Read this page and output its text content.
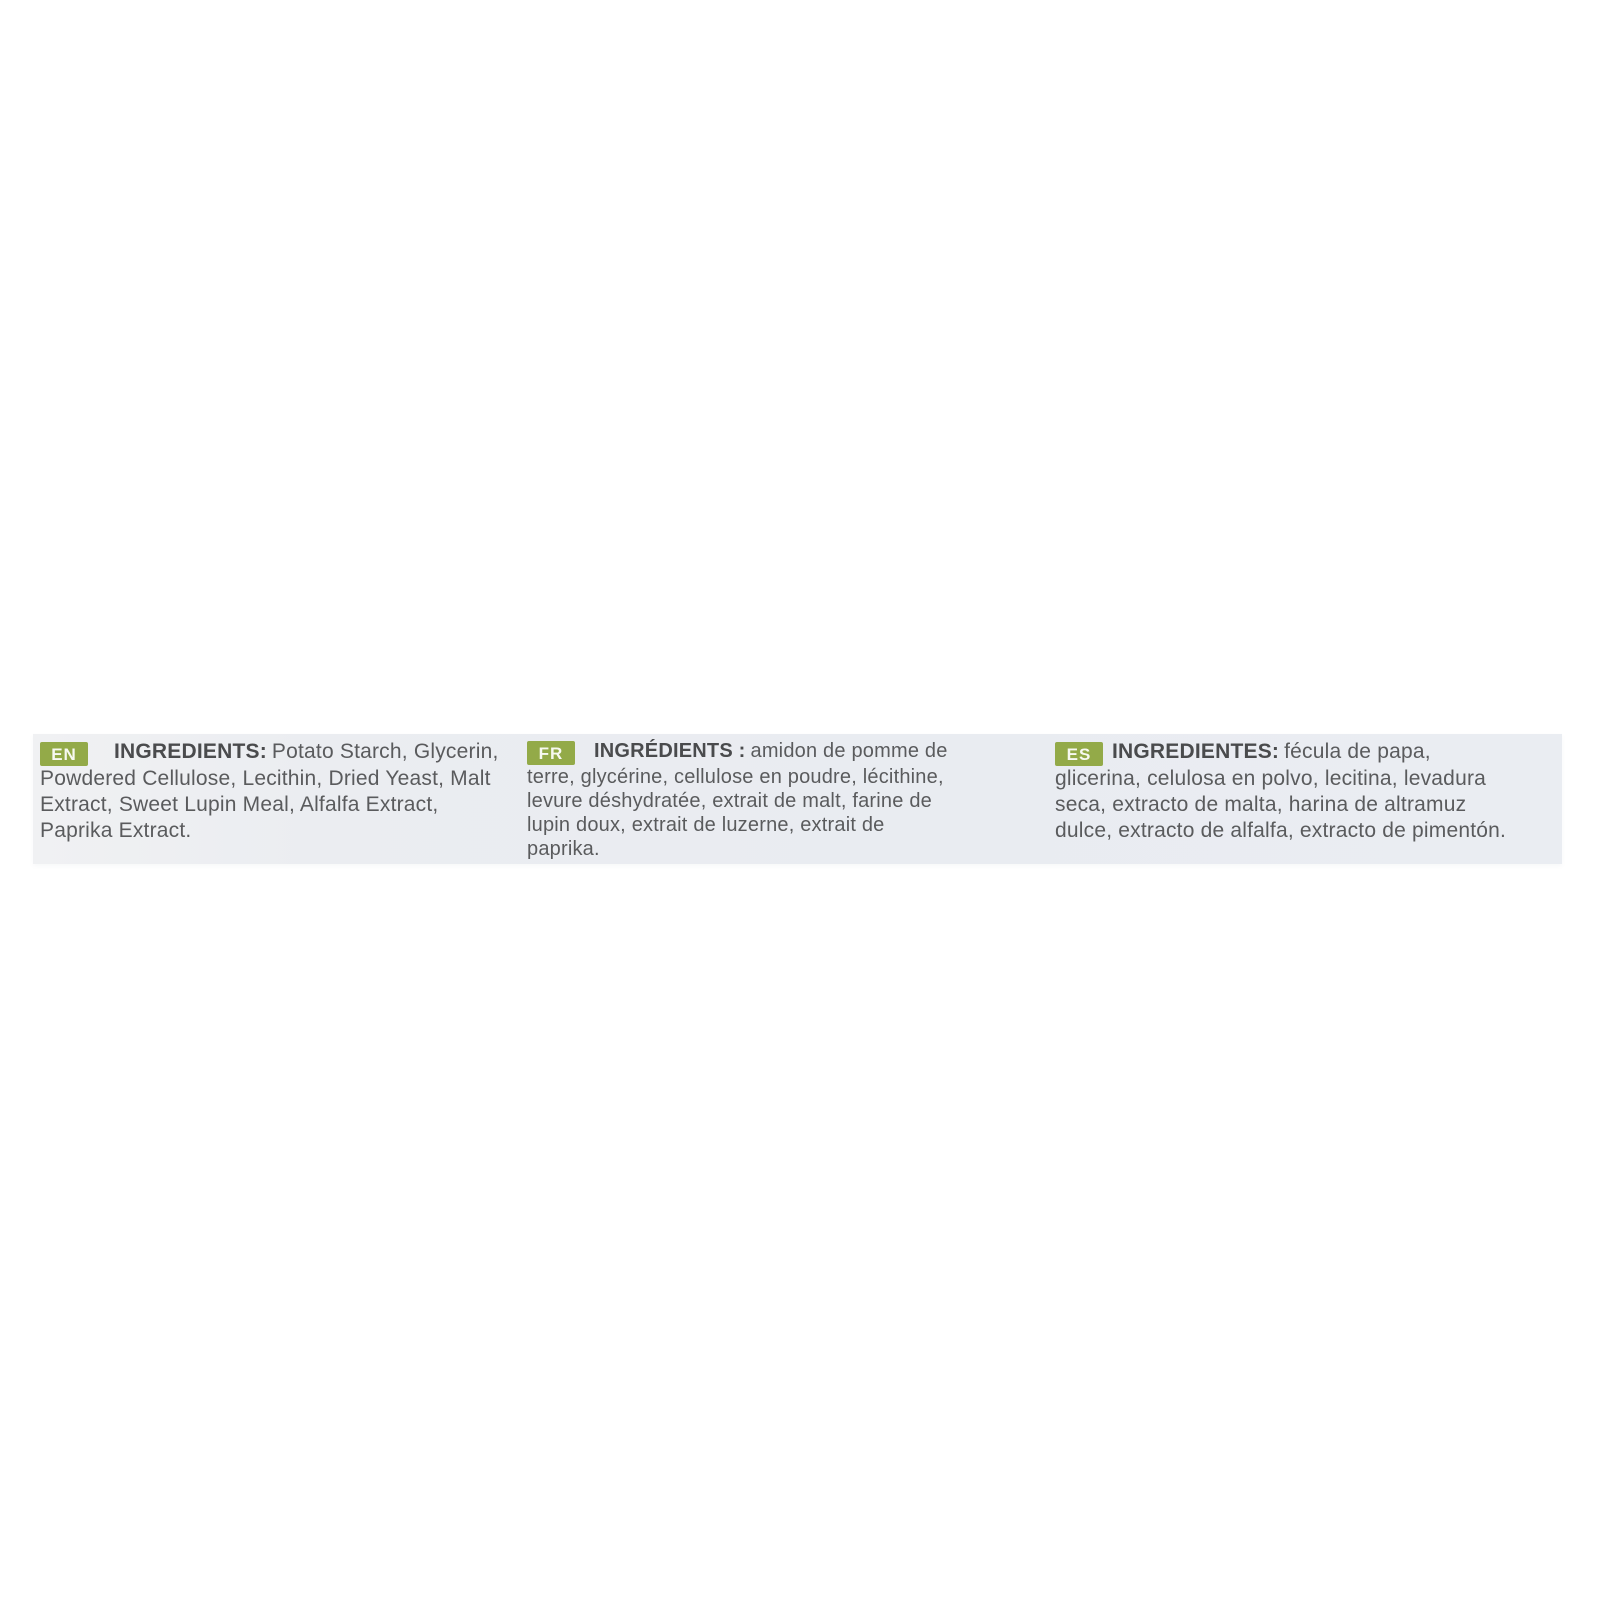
EN INGREDIENTS: Potato Starch, Glycerin,
Powdered Cellulose, Lecithin, Dried Yeast, Malt
Extract, Sweet Lupin Meal, Alfalfa Extract,
Paprika Extract.
FR INGRÉDIENTS : amidon de pomme de
terre, glycérine, cellulose en poudre, lécithine,
levure déshydratée, extrait de malt, farine de
lupin doux, extrait de luzerne, extrait de
paprika.
ES INGREDIENTES: fécula de papa,
glicerina, celulosa en polvo, lecitina, levadura
seca, extracto de malta, harina de altramuz
dulce, extracto de alfalfa, extracto de pimentón.
